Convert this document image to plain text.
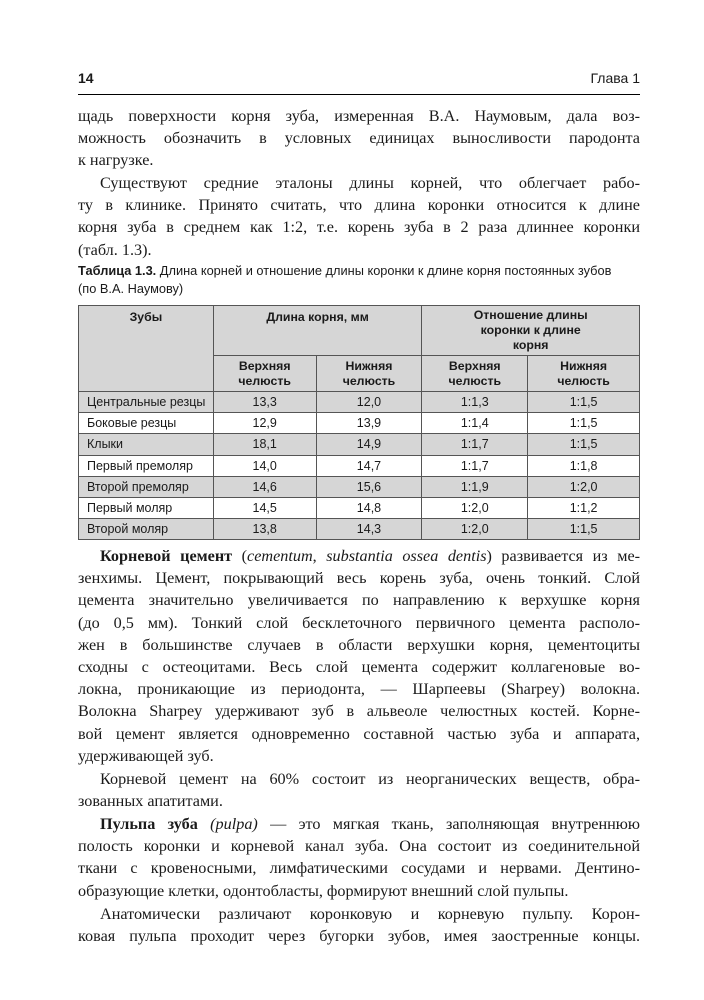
14	Глава 1
щадь поверхности корня зуба, измеренная В.А. Наумовым, дала воз-
можность обозначить в условных единицах выносливости пародонта
к нагрузке.
Существуют средние эталоны длины корней, что облегчает рабо-
ту в клинике. Принято считать, что длина коронки относится к длине
корня зуба в среднем как 1:2, т.е. корень зуба в 2 раза длиннее коронки
(табл. 1.3).
Таблица 1.3. Длина корней и отношение длины коронки к длине корня постоянных зубов
(по В.А. Наумову)
Зубы	Длина корня, мм		Отношение длины коронки к длине корня	
	Верхняя челюсть	Нижняя челюсть	Верхняя челюсть	Нижняя челюсть
Центральные резцы	13,3	12,0	1:1,3	1:1,5
Боковые резцы	12,9	13,9	1:1,4	1:1,5
Клыки	18,1	14,9	1:1,7	1:1,5
Первый премоляр	14,0	14,7	1:1,7	1:1,8
Второй премоляр	14,6	15,6	1:1,9	1:2,0
Первый моляр	14,5	14,8	1:2,0	1:1,2
Второй моляр	13,8	14,3	1:2,0	1:1,5
Корневой цемент (cementum, substantia ossea dentis) развивается из ме-
зенхимы. Цемент, покрывающий весь корень зуба, очень тонкий. Слой
цемента значительно увеличивается по направлению к верхушке корня
(до 0,5 мм). Тонкий слой бесклеточного первичного цемента располо-
жен в большинстве случаев в области верхушки корня, цементоциты
сходны с остеоцитами. Весь слой цемента содержит коллагеновые во-
локна, проникающие из периодонта, — Шарпеевы (Sharpey) волокна.
Волокна Sharpey удерживают зуб в альвеоле челюстных костей. Корне-
вой цемент является одновременно составной частью зуба и аппарата,
удерживающей зуб.
Корневой цемент на 60% состоит из неорганических веществ, обра-
зованных апатитами.
Пульпа зуба (pulpa) — это мягкая ткань, заполняющая внутреннюю
полость коронки и корневой канал зуба. Она состоит из соединительной
ткани с кровеносными, лимфатическими сосудами и нервами. Дентино-
образующие клетки, одонтобласты, формируют внешний слой пульпы.
Анатомически различают коронковую и корневую пульпу. Корон-
ковая пульпа проходит через бугорки зубов, имея заостренные концы.
